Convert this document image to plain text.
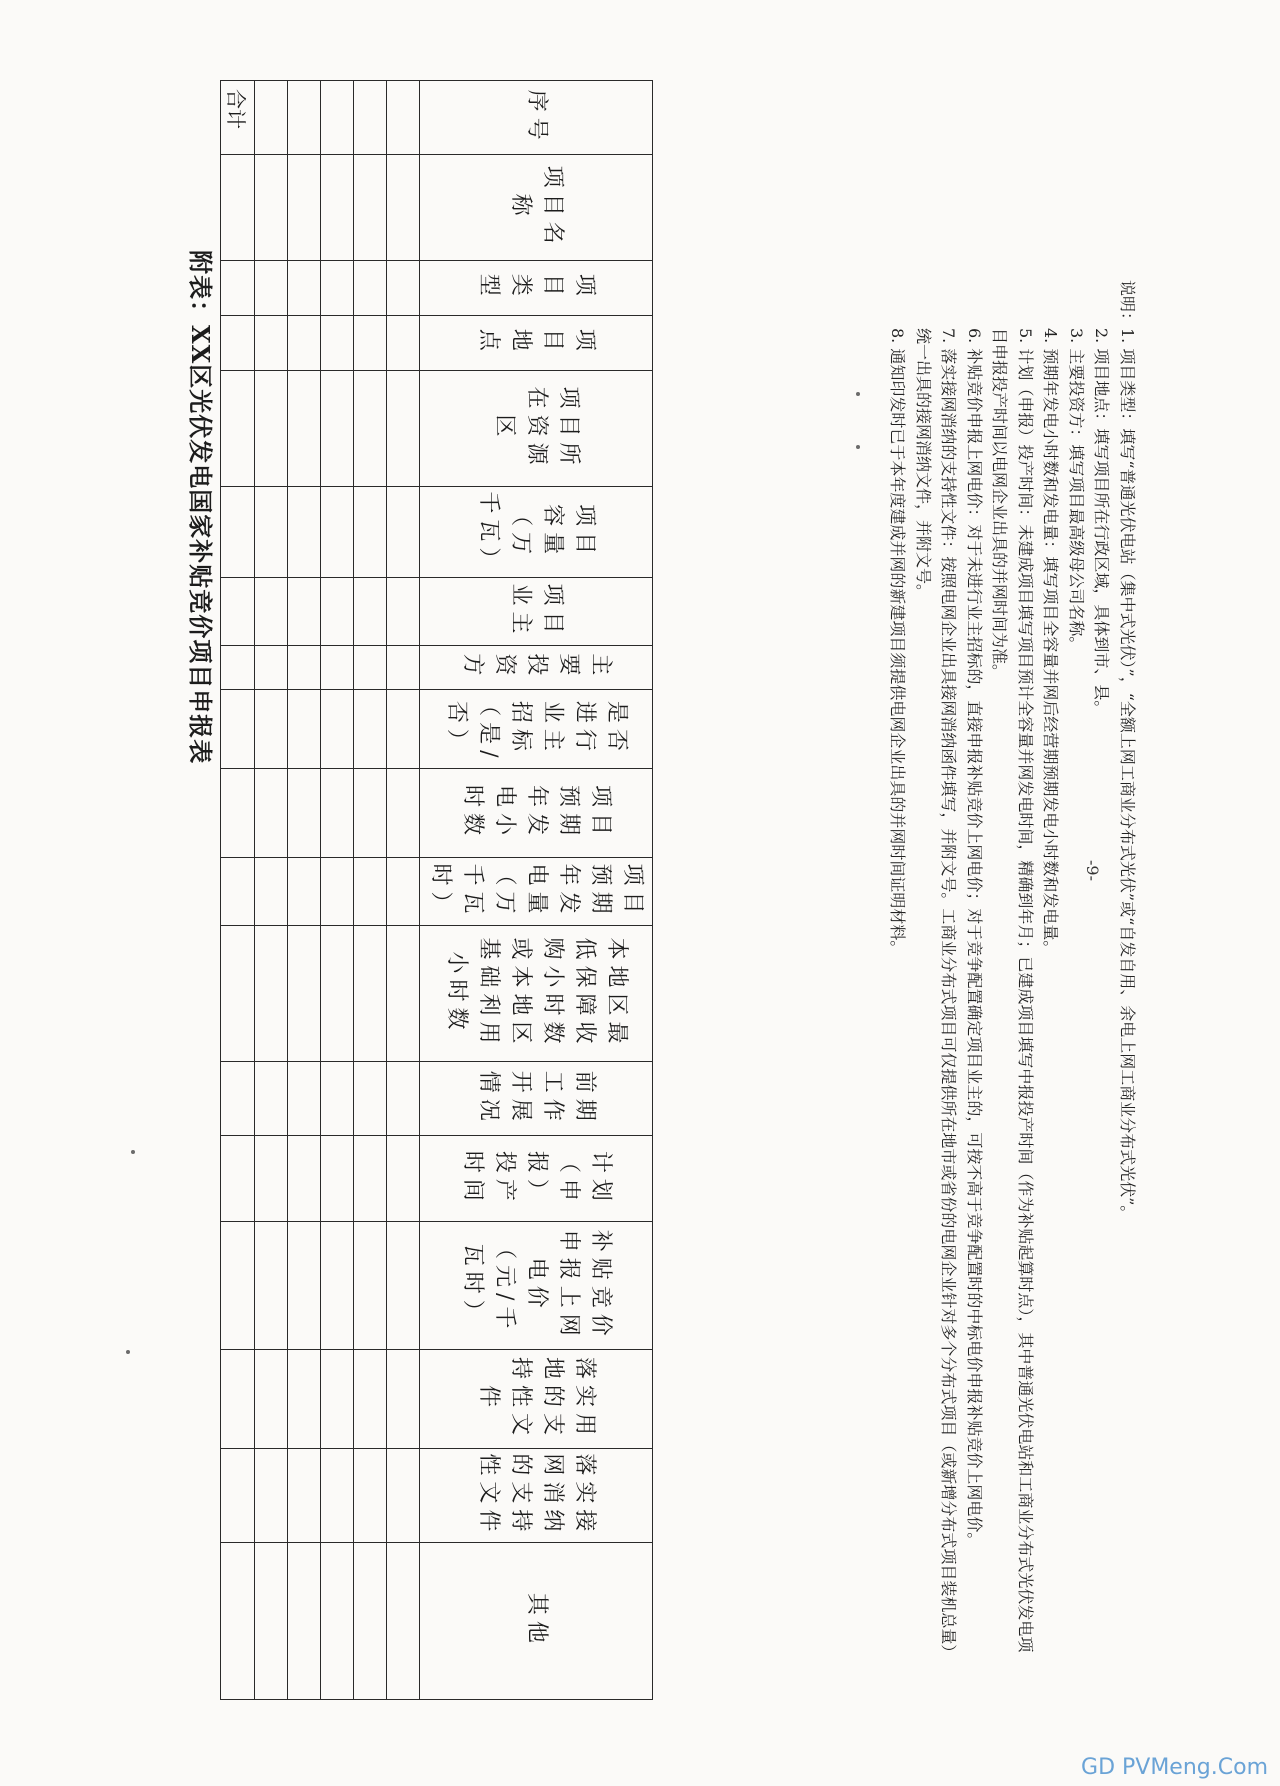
附表：XX区光伏发电国家补贴竞价项目申报表
序号	项目名称	项目类型	项目地点	项目所在资源区	项目容量（万千瓦）	项目业主	主要投资方	是否进行业主招标（是/否）	项目预期年发电小时数	项目预期年发电量（万千瓦时）	本地区最低保障收购小时数或本地区基础利用小时数	前期工作开展情况	计划（申报）投产时间	补贴竞价申报上网电价（元/千瓦时）	落实用地的支持性文件	落实接网消纳的支持性文件	其他

合计																	
说明：
1. 项目类型：填写“普通光伏电站（集中式光伏）”，“全额上网工商业分布式光伏”或“自发自用、余电上网工商业分布式光伏”。
2. 项目地点：填写项目所在行政区域，具体到市、县。
3. 主要投资方：填写项目最高级母公司名称。
4. 预期年发电小时数和发电量：填写项目全容量并网后经营期预期发电小时数和发电量。
5. 计划（申报）投产时间：未建成项目填写项目预计全容量并网发电时间，精确到年月；已建成项目填写中报投产时间（作为补贴起算时点），其中普通光伏电站和工商业分布式光伏发电项目申报投产时间以电网企业出具的并网时间为准。
6. 补贴竞价申报上网电价：对于未进行业主招标的，直接申报补贴竞价上网电价；对于竞争配置确定项目业主的，可按不高于竞争配置时的中标电价申报补贴竞价上网电价。
7. 落实接网消纳的支持性文件：按照电网企业出具接网消纳函件填写，并附文号。工商业分布式项目可仅提供所在地市或省份的电网企业针对多个分布式项目（或新增分布式项目装机总量）统一出具的接网消纳文件，并附文号。
8. 通知印发时已于本年度建成并网的新建项目须提供电网企业出具的并网时间证明材料。	-9-
GD PVMeng.Com
